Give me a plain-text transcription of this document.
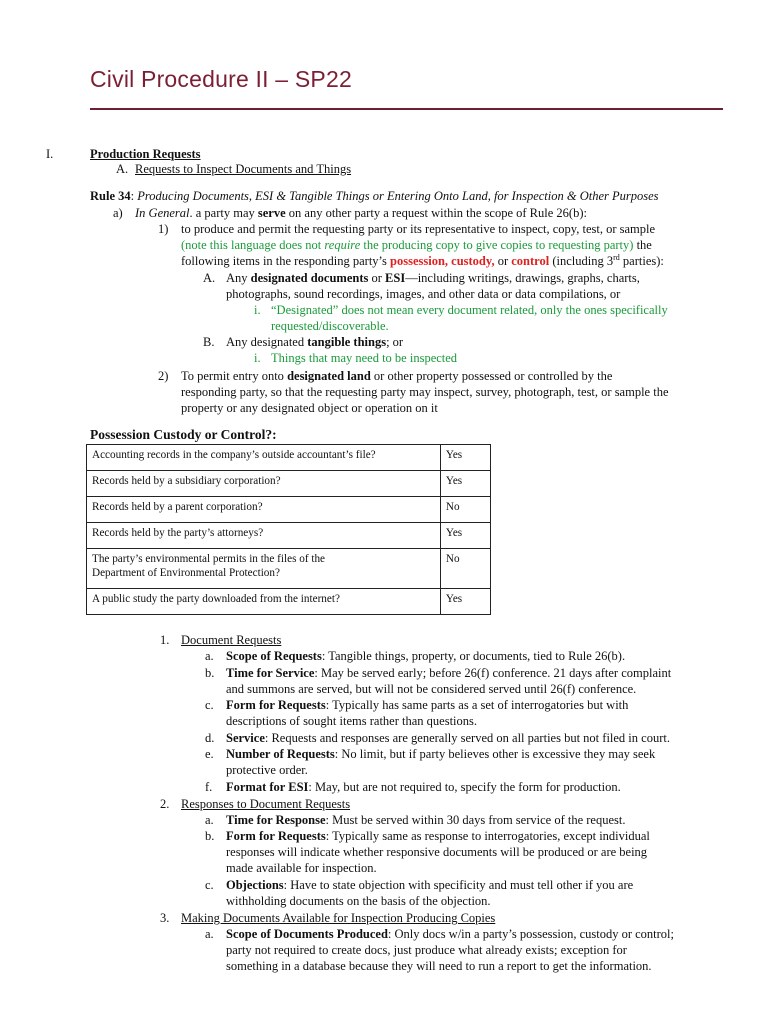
Civil Procedure II – SP22
I.	Production Requests
A. Requests to Inspect Documents and Things
Rule 34: Producing Documents, ESI & Tangible Things or Entering Onto Land, for Inspection & Other Purposes
a) In General. a party may serve on any other party a request within the scope of Rule 26(b):
1) to produce and permit the requesting party or its representative to inspect, copy, test, or sample
(note this language does not require the producing copy to give copies to requesting party) the
following items in the responding party’s possession, custody, or control (including 3rd parties):
A. Any designated documents or ESI—including writings, drawings, graphs, charts,
photographs, sound recordings, images, and other data or data compilations, or
i. “Designated” does not mean every document related, only the ones specifically
requested/discoverable.
B. Any designated tangible things; or
i. Things that may need to be inspected
2) To permit entry onto designated land or other property possessed or controlled by the
responding party, so that the requesting party may inspect, survey, photograph, test, or sample the
property or any designated object or operation on it
Possession Custody or Control?:
Accounting records in the company’s outside accountant’s file?	Yes
Records held by a subsidiary corporation?	Yes
Records held by a parent corporation?	No
Records held by the party’s attorneys?	Yes
The party’s environmental permits in the files of the Department of Environmental Protection?	No
A public study the party downloaded from the internet?	Yes
1. Document Requests
a. Scope of Requests: Tangible things, property, or documents, tied to Rule 26(b).
b. Time for Service: May be served early; before 26(f) conference. 21 days after complaint
and summons are served, but will not be considered served until 26(f) conference.
c. Form for Requests: Typically has same parts as a set of interrogatories but with
descriptions of sought items rather than questions.
d. Service: Requests and responses are generally served on all parties but not filed in court.
e. Number of Requests: No limit, but if party believes other is excessive they may seek
protective order.
f. Format for ESI: May, but are not required to, specify the form for production.
2. Responses to Document Requests
a. Time for Response: Must be served within 30 days from service of the request.
b. Form for Requests: Typically same as response to interrogatories, except individual
responses will indicate whether responsive documents will be produced or are being
made available for inspection.
c. Objections: Have to state objection with specificity and must tell other if you are
withholding documents on the basis of the objection.
3. Making Documents Available for Inspection Producing Copies
a. Scope of Documents Produced: Only docs w/in a party’s possession, custody or control;
party not required to create docs, just produce what already exists; exception for
something in a database because they will need to run a report to get the information.
